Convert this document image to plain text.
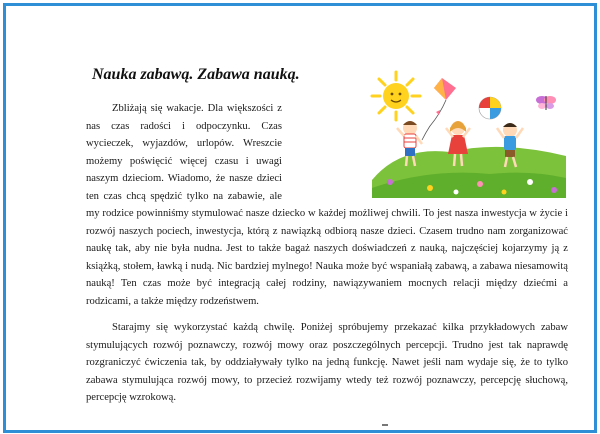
Nauka zabawą. Zabawa nauką.

Zbliżają się wakacje. Dla większości z nas czas radości i odpoczynku. Czas wycieczek, wyjazdów, urlopów. Wreszcie możemy poświęcić więcej czasu i uwagi naszym dzieciom. Wiadomo, że nasze dzieci ten czas chcą spędzić tylko na zabawie, ale my rodzice powinniśmy stymulować nasze dziecko w każdej możliwej chwili. To jest nasza inwestycja w życie i rozwój naszych pociech, inwestycja, którą z nawiązką odbiorą nasze dzieci. Czasem trudno nam zorganizować naukę tak, aby nie była nudna. Jest to także bagaż naszych doświadczeń z nauką, najczęściej kojarzymy ją z książką, stołem, ławką i nudą. Nic bardziej mylnego! Nauka może być wspaniałą zabawą, a zabawa niesamowitą nauką! Ten czas może być integracją całej rodziny, nawiązywaniem mocnych relacji między dziećmi a rodzicami, a także między rodzeństwem.

Starajmy się wykorzystać każdą chwilę. Poniżej spróbujemy przekazać kilka przykładowych zabaw stymulujących rozwój poznawczy, rozwój mowy oraz poszczególnych percepcji. Trudno jest tak naprawdę rozgraniczyć ćwiczenia tak, by oddziaływały tylko na jedną funkcję. Nawet jeśli nam wydaje się, że to tylko zabawa stymulująca rozwój mowy, to przecież rozwijamy wtedy też rozwój poznawczy, percepcję słuchową, percepcję wzrokową.
